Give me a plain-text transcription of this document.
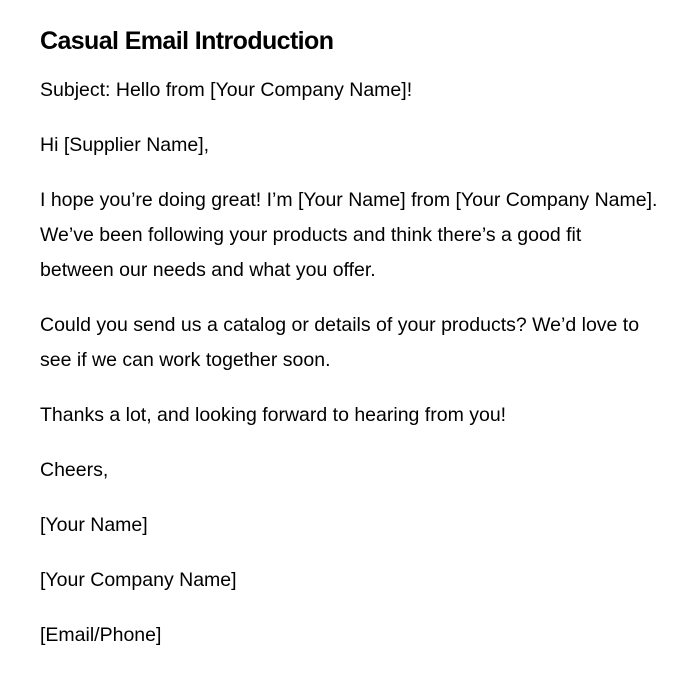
Casual Email Introduction

Subject: Hello from [Your Company Name]!

Hi [Supplier Name],

I hope you’re doing great! I’m [Your Name] from [Your Company Name]. We’ve been following your products and think there’s a good fit between our needs and what you offer.

Could you send us a catalog or details of your products? We’d love to see if we can work together soon.

Thanks a lot, and looking forward to hearing from you!

Cheers,

[Your Name]

[Your Company Name]

[Email/Phone]
